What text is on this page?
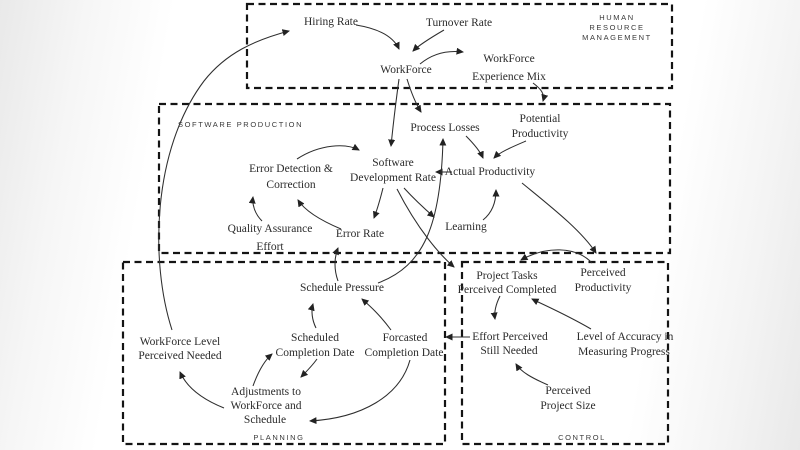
HUMAN
RESOURCE
MANAGEMENT
SOFTWARE PRODUCTION
PLANNING	CONTROL
Hiring Rate	Turnover Rate
WorkForce
WorkForce
Experience Mix
Process Losses
Potential
Productivity
Error Detection &
Correction
Software
Development Rate Actual Productivity
Quality Assurance
Effort
Error Rate
Learning
Schedule Pressure
Project Tasks
Perceived Completed
Perceived
Productivity
WorkForce Level
Perceived Needed
Scheduled
Completion Date
Forcasted
Completion Date
Effort Perceived
Still Needed
Level of Accuracy in
Measuring Progress
Adjustments to
WorkForce and
Schedule
Perceived
Project Size
